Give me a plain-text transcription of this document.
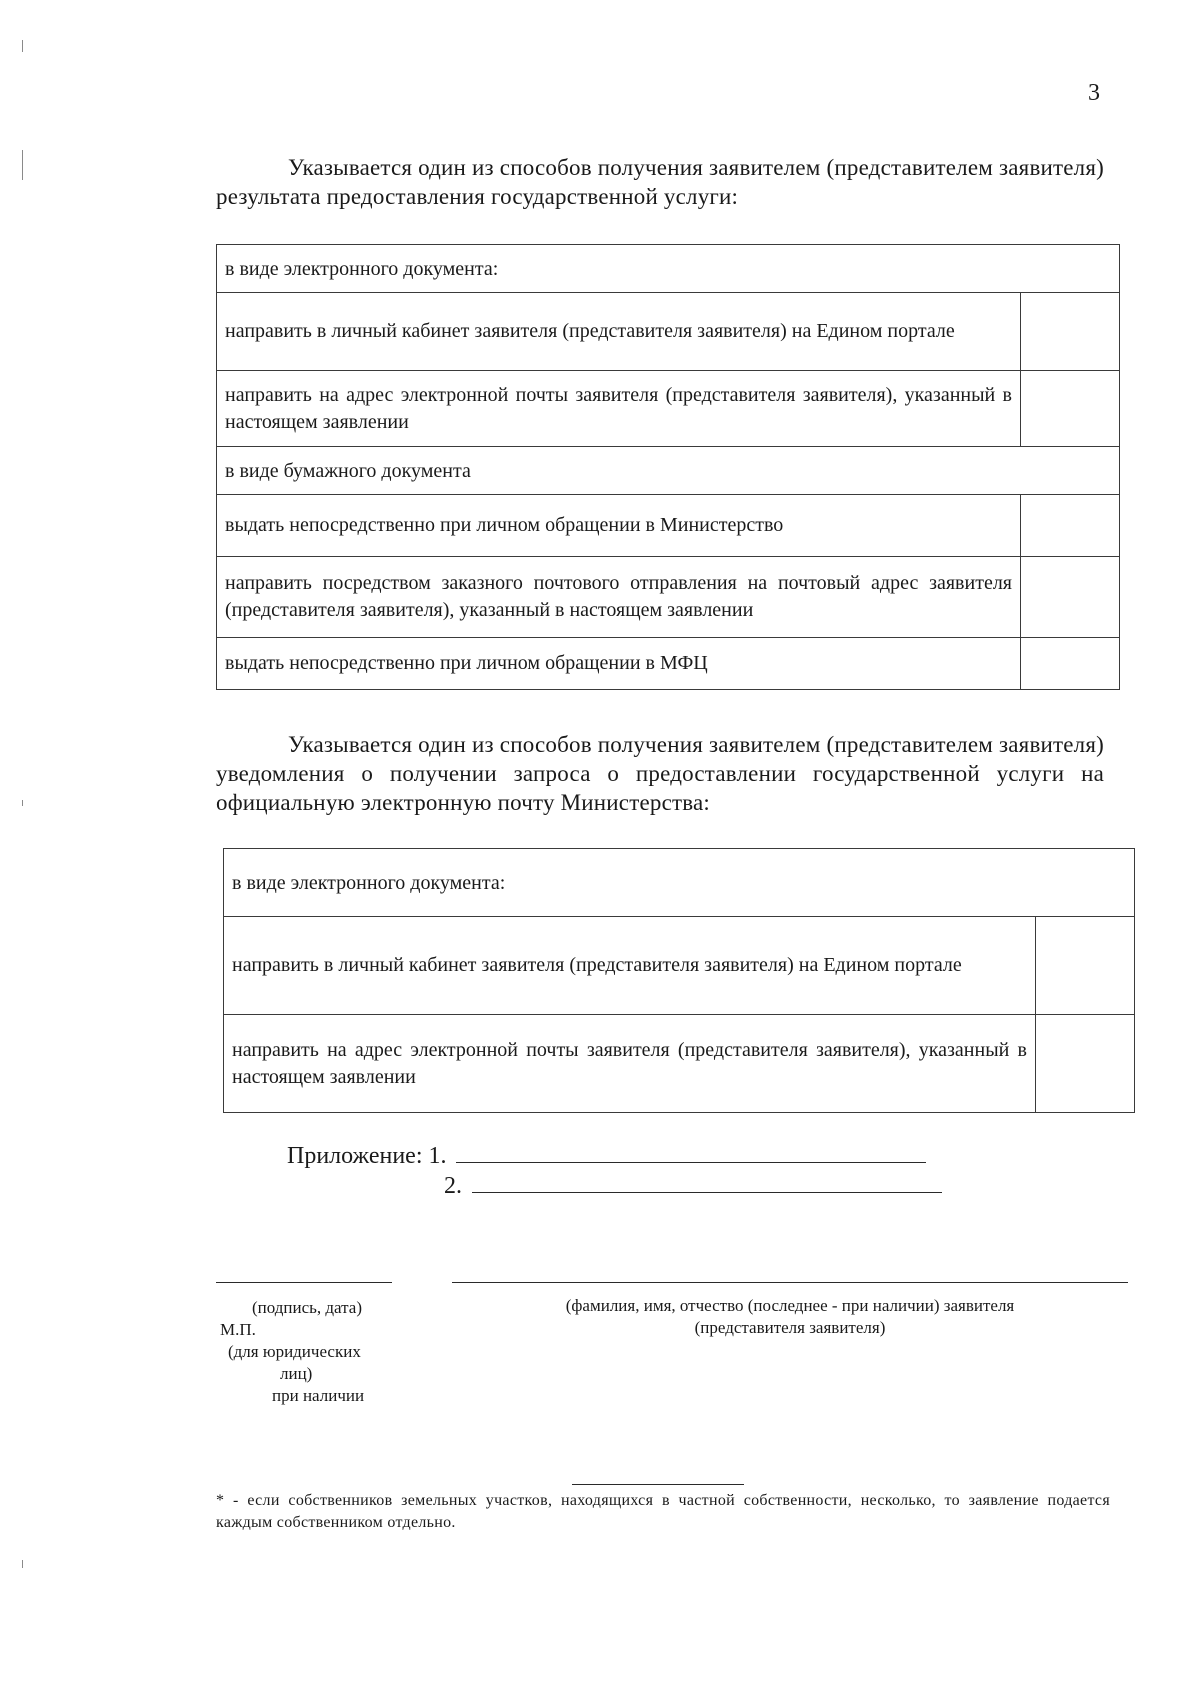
3
Указывается один из способов получения заявителем (представителем заявителя) результата предоставления государственной услуги:
в виде электронного документа:	
направить в личный кабинет заявителя (представителя заявителя) на Едином портале	
направить на адрес электронной почты заявителя (представителя заявителя), указанный в настоящем заявлении	
в виде бумажного документа	
выдать непосредственно при личном обращении в Министерство	
направить посредством заказного почтового отправления на почтовый адрес заявителя (представителя заявителя), указанный в настоящем заявлении	
выдать непосредственно при личном обращении в МФЦ	
Указывается один из способов получения заявителем (представителем заявителя) уведомления о получении запроса о предоставлении государственной услуги на официальную электронную почту Министерства:
в виде электронного документа:	
направить в личный кабинет заявителя (представителя заявителя) на Едином портале	
направить на адрес электронной почты заявителя (представителя заявителя), указанный в настоящем заявлении	
Приложение: 1.
2.
(подпись, дата)
М.П.
(для юридических
лиц)
при наличии
(фамилия, имя, отчество (последнее - при наличии) заявителя
(представителя заявителя)
* - если собственников земельных участков, находящихся в частной собственности, несколько, то заявление подается каждым собственником отдельно.
